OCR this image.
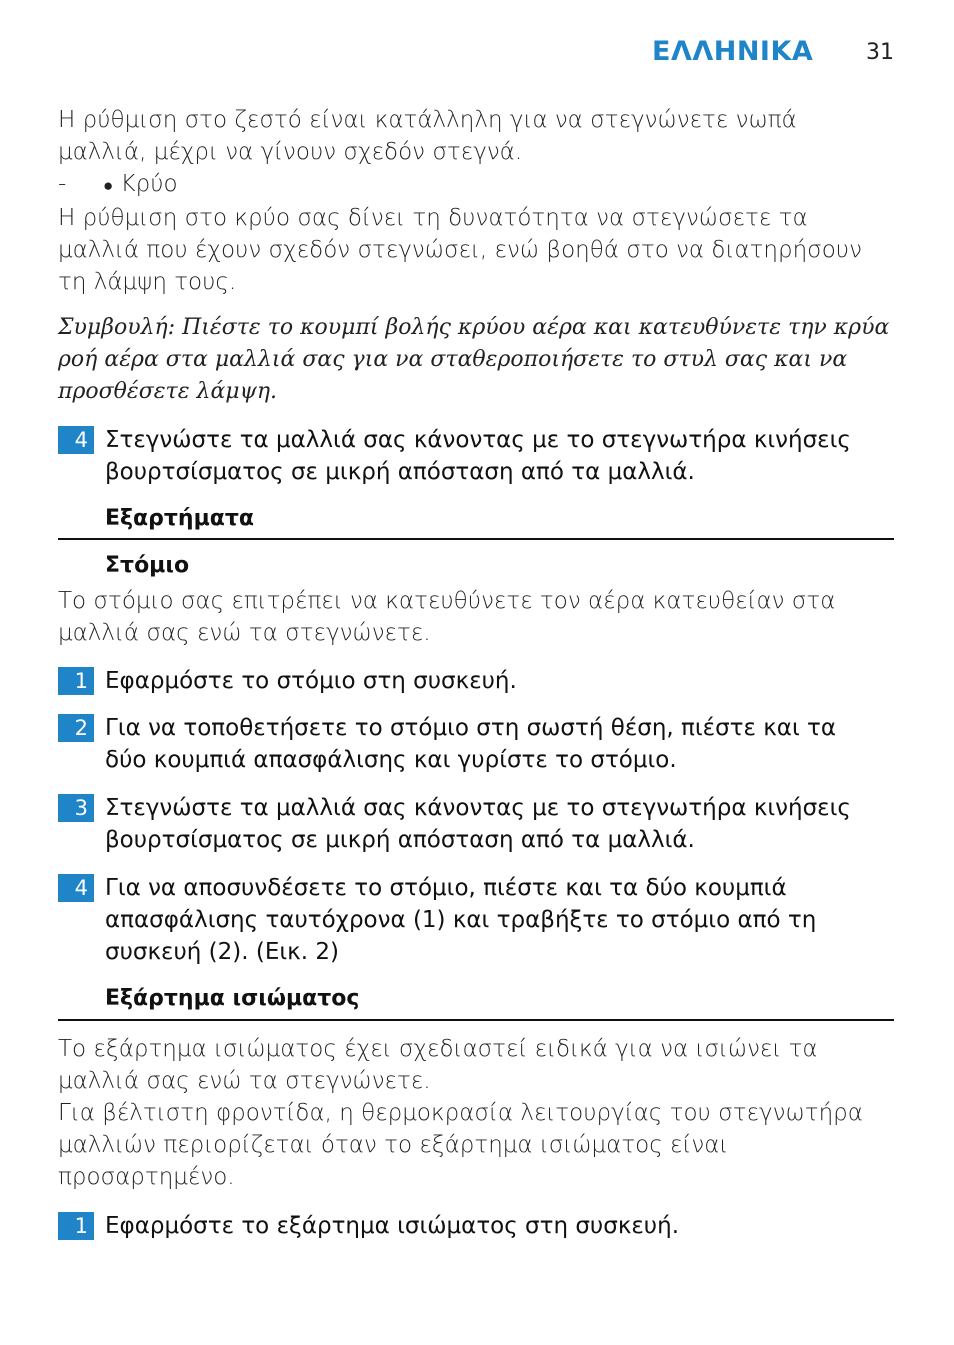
ΕΛΛΗΝΙΚΑ 31
Η ρύθμιση στο ζεστό είναι κατάλληλη για να στεγνώνετε νωπά
μαλλιά, μέχρι να γίνουν σχεδόν στεγνά.
- ● Κρύο
Η ρύθμιση στο κρύο σας δίνει τη δυνατότητα να στεγνώσετε τα
μαλλιά που έχουν σχεδόν στεγνώσει, ενώ βοηθά στο να διατηρήσουν
τη λάμψη τους.
Συμβουλή: Πιέστε το κουμπί βολής κρύου αέρα και κατευθύνετε την κρύα
ροή αέρα στα μαλλιά σας για να σταθεροποιήσετε το στυλ σας και να
προσθέσετε λάμψη.
4 Στεγνώστε τα μαλλιά σας κάνοντας με το στεγνωτήρα κινήσεις
βουρτσίσματος σε μικρή απόσταση από τα μαλλιά.
Εξαρτήματα
Στόμιο
Το στόμιο σας επιτρέπει να κατευθύνετε τον αέρα κατευθείαν στα
μαλλιά σας ενώ τα στεγνώνετε.
1 Εφαρμόστε το στόμιο στη συσκευή.
2 Για να τοποθετήσετε το στόμιο στη σωστή θέση, πιέστε και τα
δύο κουμπιά απασφάλισης και γυρίστε το στόμιο.
3 Στεγνώστε τα μαλλιά σας κάνοντας με το στεγνωτήρα κινήσεις
βουρτσίσματος σε μικρή απόσταση από τα μαλλιά.
4 Για να αποσυνδέσετε το στόμιο, πιέστε και τα δύο κουμπιά
απασφάλισης ταυτόχρονα (1) και τραβήξτε το στόμιο από τη
συσκευή (2). (Εικ. 2)
Εξάρτημα ισιώματος
Το εξάρτημα ισιώματος έχει σχεδιαστεί ειδικά για να ισιώνει τα
μαλλιά σας ενώ τα στεγνώνετε.
Για βέλτιστη φροντίδα, η θερμοκρασία λειτουργίας του στεγνωτήρα
μαλλιών περιορίζεται όταν το εξάρτημα ισιώματος είναι
προσαρτημένο.
1 Εφαρμόστε το εξάρτημα ισιώματος στη συσκευή.
